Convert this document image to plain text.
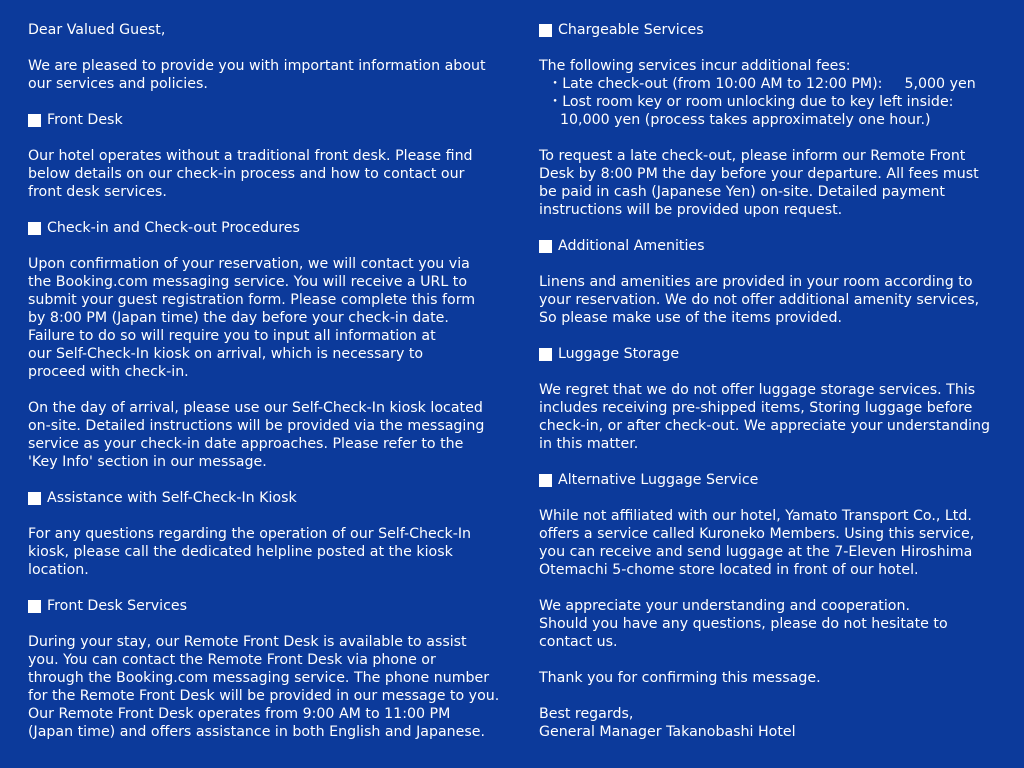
Dear Valued Guest,
We are pleased to provide you with important information about
our services and policies.
Front Desk
Our hotel operates without a traditional front desk. Please find
below details on our check-in process and how to contact our
front desk services.
Check-in and Check-out Procedures
Upon confirmation of your reservation, we will contact you via
the Booking.com messaging service. You will receive a URL to
submit your guest registration form. Please complete this form
by 8:00 PM (Japan time) the day before your check-in date.
Failure to do so will require you to input all information at
our Self-Check-In kiosk on arrival, which is necessary to
proceed with check-in.
On the day of arrival, please use our Self-Check-In kiosk located
on-site. Detailed instructions will be provided via the messaging
service as your check-in date approaches. Please refer to the
'Key Info' section in our message.
Assistance with Self-Check-In Kiosk
For any questions regarding the operation of our Self-Check-In
kiosk, please call the dedicated helpline posted at the kiosk
location.
Front Desk Services
During your stay, our Remote Front Desk is available to assist
you. You can contact the Remote Front Desk via phone or
through the Booking.com messaging service. The phone number
for the Remote Front Desk will be provided in our message to you.
Our Remote Front Desk operates from 9:00 AM to 11:00 PM
(Japan time) and offers assistance in both English and Japanese.
Chargeable Services
The following services incur additional fees:
・Late check-out (from 10:00 AM to 12:00 PM): 5,000 yen
・Lost room key or room unlocking due to key left inside:
10,000 yen (process takes approximately one hour.)
To request a late check-out, please inform our Remote Front
Desk by 8:00 PM the day before your departure. All fees must
be paid in cash (Japanese Yen) on-site. Detailed payment
instructions will be provided upon request.
Additional Amenities
Linens and amenities are provided in your room according to
your reservation. We do not offer additional amenity services,
So please make use of the items provided.
Luggage Storage
We regret that we do not offer luggage storage services. This
includes receiving pre-shipped items, Storing luggage before
check-in, or after check-out. We appreciate your understanding
in this matter.
Alternative Luggage Service
While not affiliated with our hotel, Yamato Transport Co., Ltd.
offers a service called Kuroneko Members. Using this service,
you can receive and send luggage at the 7-Eleven Hiroshima
Otemachi 5-chome store located in front of our hotel.
We appreciate your understanding and cooperation.
Should you have any questions, please do not hesitate to
contact us.
Thank you for confirming this message.
Best regards,
General Manager Takanobashi Hotel
